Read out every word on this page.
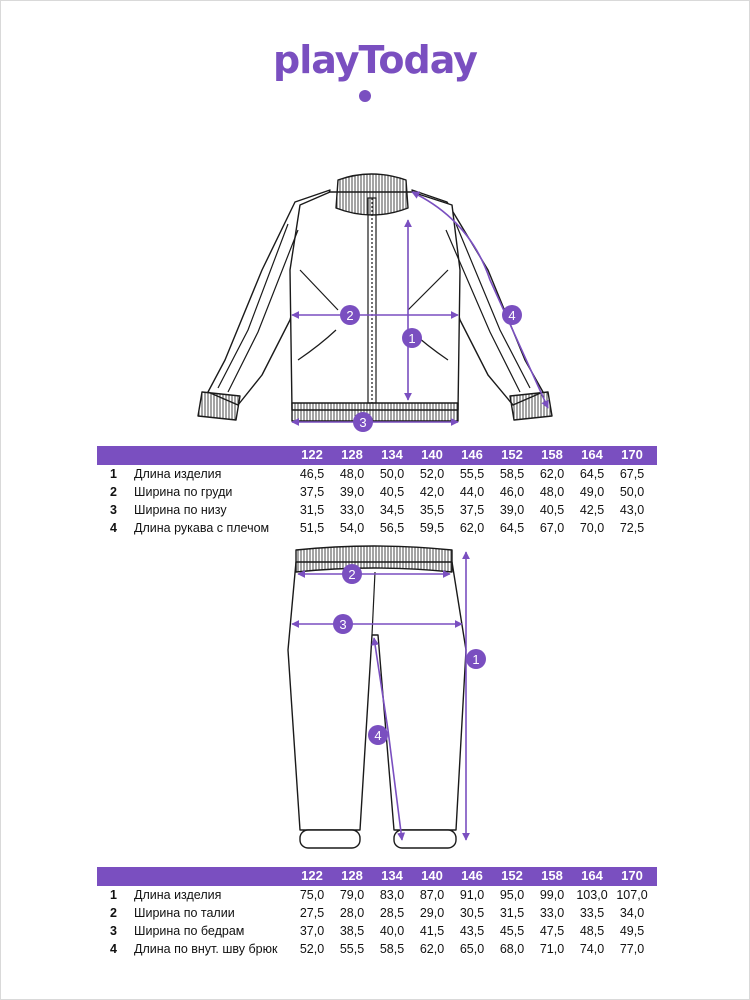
playToday
2
1
3
4
122	128	134	140	146	152	158	164	170
1 Длина изделия	46,5	48,0	50,0	52,0	55,5	58,5	62,0	64,5	67,5
2 Ширина по груди	37,5	39,0	40,5	42,0	44,0	46,0	48,0	49,0	50,0
3 Ширина по низу	31,5	33,0	34,5	35,5	37,5	39,0	40,5	42,5	43,0
4 Длина рукава с плечом	51,5	54,0	56,5	59,5	62,0	64,5	67,0	70,0	72,5
2
3
1
4
122	128	134	140	146	152	158	164	170
1 Длина изделия	75,0	79,0	83,0	87,0	91,0	95,0	99,0 103,0 107,0
2 Ширина по талии	27,5	28,0	28,5	29,0	30,5	31,5	33,0	33,5	34,0
3 Ширина по бедрам	37,0	38,5	40,0	41,5	43,5	45,5	47,5	48,5	49,5
4 Длина по внут. шву брюк	52,0	55,5	58,5	62,0	65,0	68,0	71,0	74,0	77,0
